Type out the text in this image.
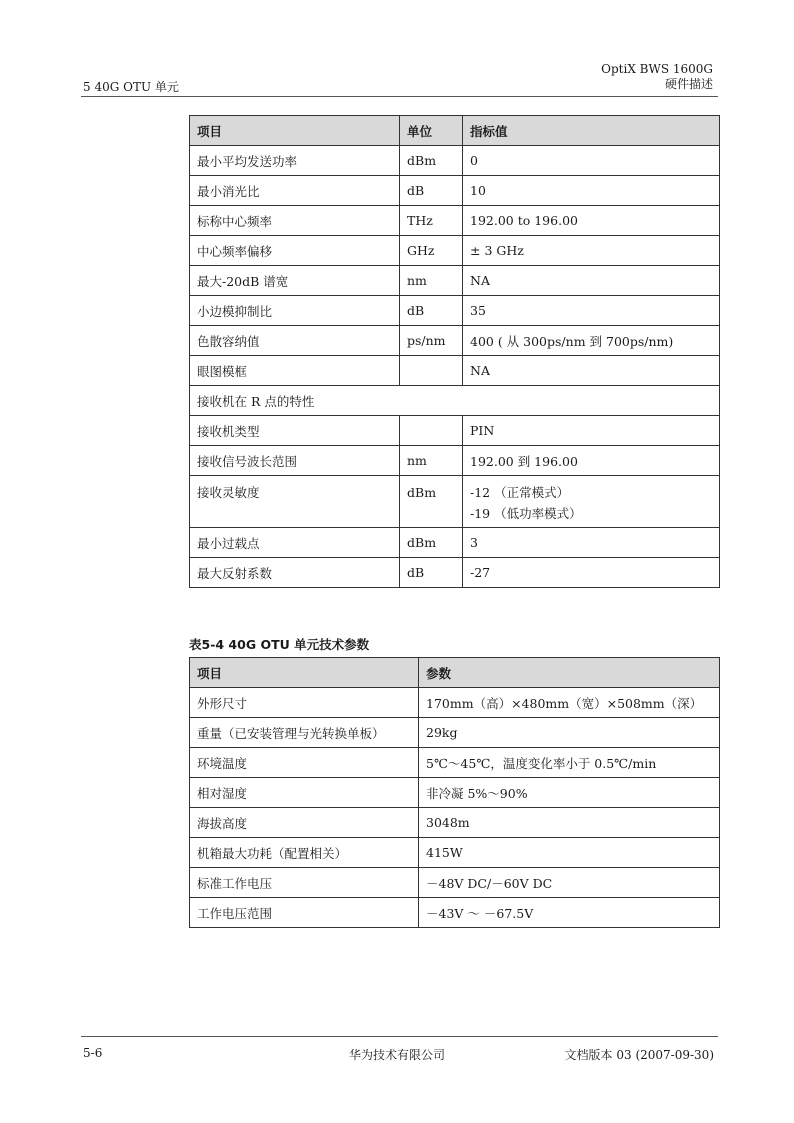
OptiX BWS 1600G
硬件描述
5 40G OTU 单元
项目	单位	指标值
最小平均发送功率	dBm	0
最小消光比	dB	10
标称中心频率	THz	192.00 to 196.00
中心频率偏移	GHz	± 3 GHz
最大-20dB 谱宽	nm	NA
小边模抑制比	dB	35
色散容纳值	ps/nm	400 ( 从 300ps/nm 到 700ps/nm)
眼图模框		NA
接收机在 R 点的特性		
接收机类型		PIN
接收信号波长范围	nm	192.00 到 196.00
接收灵敏度	dBm	-12 （正常模式）
-19 （低功率模式）

最小过载点	dBm	3
最大反射系数	dB	-27
表5-4 40G OTU 单元技术参数
项目	参数
外形尺寸	170mm（高）×480mm（宽）×508mm（深）
重量（已安装管理与光转换单板）	29kg
环境温度	5℃～45℃，温度变化率小于 0.5℃/min
相对湿度	非冷凝 5%～90%
海拔高度	3048m
机箱最大功耗（配置相关）	415W
标准工作电压	－48V DC/－60V DC
工作电压范围	－43V ～ －67.5V
5-6	华为技术有限公司	文档版本 03 (2007-09-30)
